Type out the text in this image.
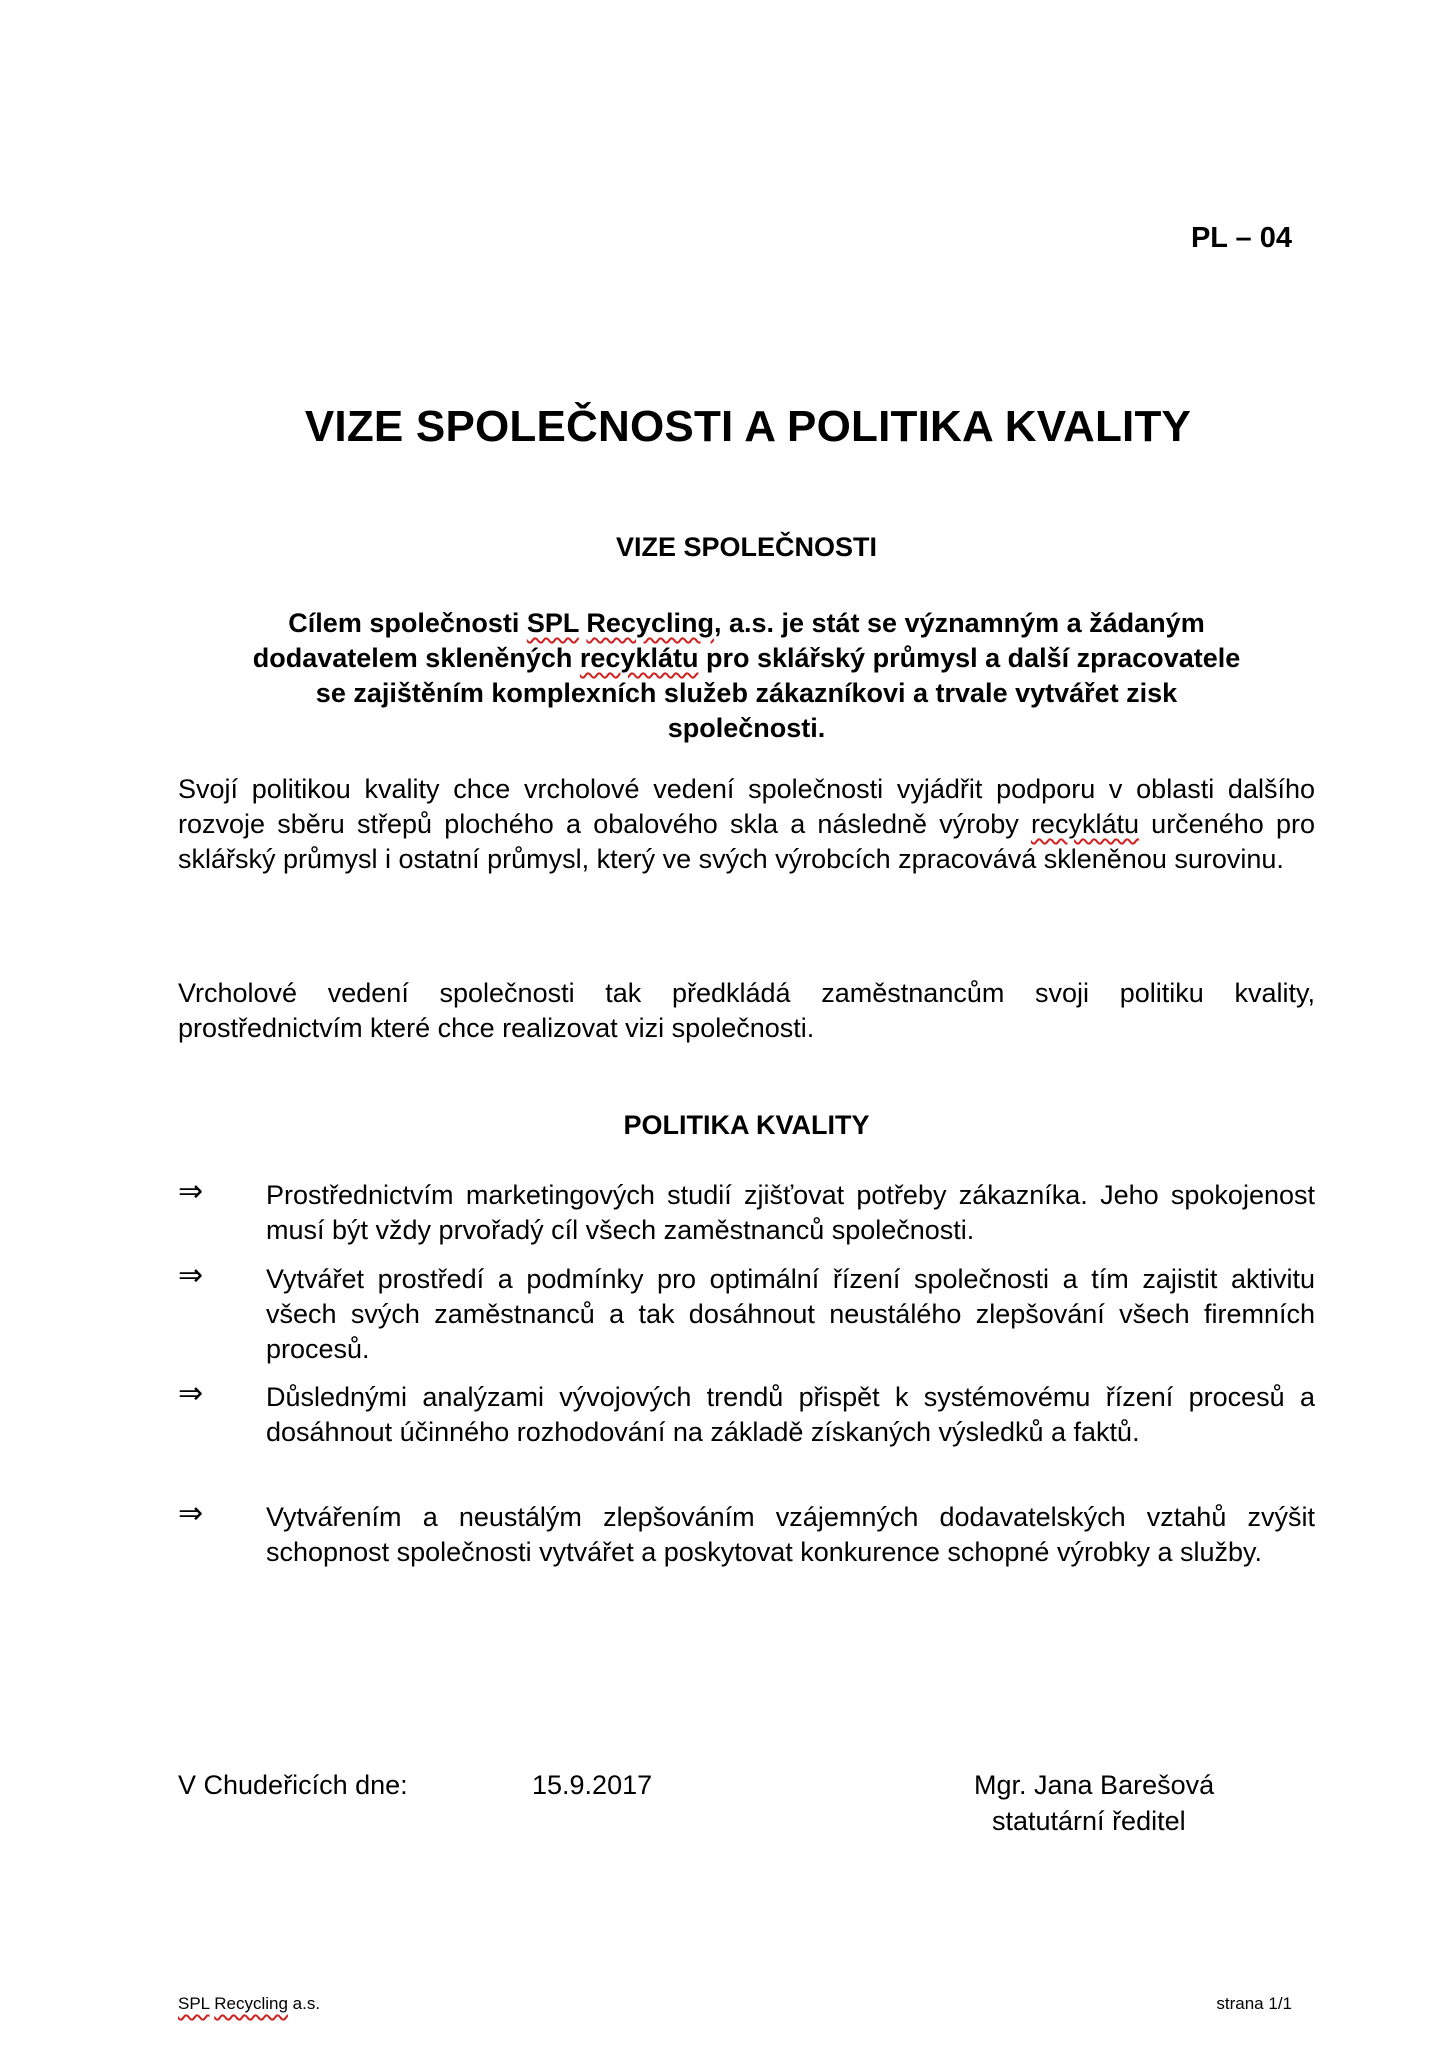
PL – 04
VIZE SPOLEČNOSTI A POLITIKA KVALITY
VIZE SPOLEČNOSTI
Cílem společnosti SPL Recycling, a.s. je stát se významným a žádaným
dodavatelem skleněných recyklátu pro sklářský průmysl a další zpracovatele
se zajištěním komplexních služeb zákazníkovi a trvale vytvářet zisk
společnosti.
Svojí politikou kvality chce vrcholové vedení společnosti vyjádřit podporu v oblasti dalšího rozvoje sběru střepů plochého a obalového skla a následně výroby recyklátu určeného pro sklářský průmysl i ostatní průmysl, který ve svých výrobcích zpracovává skleněnou surovinu.
Vrcholové vedení společnosti tak předkládá zaměstnancům svoji politiku kvality, prostřednictvím které chce realizovat vizi společnosti.
POLITIKA KVALITY
⇒ Prostřednictvím marketingových studií zjišťovat potřeby zákazníka. Jeho spokojenost musí být vždy prvořadý cíl všech zaměstnanců společnosti.
⇒ Vytvářet prostředí a podmínky pro optimální řízení společnosti a tím zajistit aktivitu všech svých zaměstnanců a tak dosáhnout neustálého zlepšování všech firemních procesů.
⇒ Důslednými analýzami vývojových trendů přispět k systémovému řízení procesů a dosáhnout účinného rozhodování na základě získaných výsledků a faktů.
⇒ Vytvářením a neustálým zlepšováním vzájemných dodavatelských vztahů zvýšit schopnost společnosti vytvářet a poskytovat konkurence schopné výrobky a služby.
V Chudeřicích dne:	15.9.2017	Mgr. Jana Barešová
statutární ředitel
SPL Recycling a.s.	strana 1/1
